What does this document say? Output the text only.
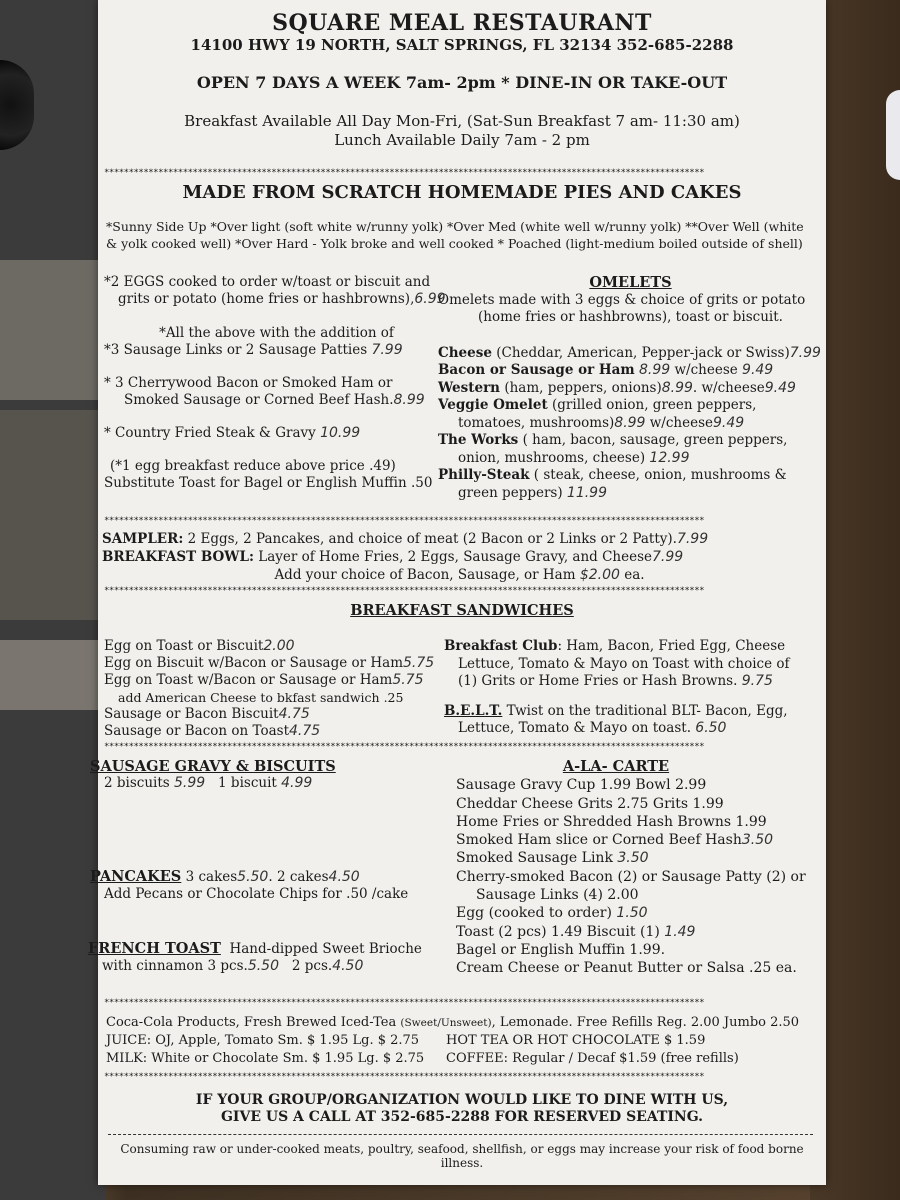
SQUARE MEAL RESTAURANT
14100 HWY 19 NORTH, SALT SPRINGS, FL 32134 352-685-2288
OPEN 7 DAYS A WEEK 7am- 2pm * DINE-IN OR TAKE-OUT
Breakfast Available All Day Mon-Fri, (Sat-Sun Breakfast 7 am- 11:30 am)
Lunch Available Daily 7am - 2 pm
**************************************************************************************************************************
MADE FROM SCRATCH HOMEMADE PIES AND CAKES
*Sunny Side Up *Over light (soft white w/runny yolk) *Over Med (white well w/runny yolk) **Over Well (white & yolk cooked well) *Over Hard - Yolk broke and well cooked * Poached (light-medium boiled outside of shell)
*2 EGGS cooked to order w/toast or biscuit and
grits or potato (home fries or hashbrowns),6.99
*All the above with the addition of
*3 Sausage Links or 2 Sausage Patties 7.99
* 3 Cherrywood Bacon or Smoked Ham or
Smoked Sausage or Corned Beef Hash.8.99
* Country Fried Steak & Gravy 10.99
(*1 egg breakfast reduce above price .49)
Substitute Toast for Bagel or English Muffin .50
OMELETS
Omelets made with 3 eggs & choice of grits or potato
(home fries or hashbrowns), toast or biscuit.
Cheese (Cheddar, American, Pepper-jack or Swiss)7.99
Bacon or Sausage or Ham 8.99 w/cheese 9.49
Western (ham, peppers, onions)8.99. w/cheese9.49
Veggie Omelet (grilled onion, green peppers,
tomatoes, mushrooms)8.99 w/cheese9.49
The Works ( ham, bacon, sausage, green peppers,
onion, mushrooms, cheese) 12.99
Philly-Steak ( steak, cheese, onion, mushrooms &
green peppers) 11.99
**************************************************************************************************************************
SAMPLER: 2 Eggs, 2 Pancakes, and choice of meat (2 Bacon or 2 Links or 2 Patty).7.99
BREAKFAST BOWL: Layer of Home Fries, 2 Eggs, Sausage Gravy, and Cheese7.99
Add your choice of Bacon, Sausage, or Ham $2.00 ea.
**************************************************************************************************************************
BREAKFAST SANDWICHES
Egg on Toast or Biscuit2.00
Egg on Biscuit w/Bacon or Sausage or Ham5.75
Egg on Toast w/Bacon or Sausage or Ham5.75
add American Cheese to bkfast sandwich .25
Sausage or Bacon Biscuit4.75
Sausage or Bacon on Toast4.75
Breakfast Club: Ham, Bacon, Fried Egg, Cheese
Lettuce, Tomato & Mayo on Toast with choice of
(1) Grits or Home Fries or Hash Browns. 9.75
B.E.L.T. Twist on the traditional BLT- Bacon, Egg,
Lettuce, Tomato & Mayo on toast. 6.50
**************************************************************************************************************************
SAUSAGE GRAVY & BISCUITS
2 biscuits 5.99 1 biscuit 4.99
PANCAKES 3 cakes5.50. 2 cakes4.50
Add Pecans or Chocolate Chips for .50 /cake
FRENCH TOAST Hand-dipped Sweet Brioche
with cinnamon 3 pcs.5.50 2 pcs.4.50
A-LA- CARTE
Sausage Gravy Cup 1.99 Bowl 2.99
Cheddar Cheese Grits 2.75 Grits 1.99
Home Fries or Shredded Hash Browns 1.99
Smoked Ham slice or Corned Beef Hash3.50
Smoked Sausage Link 3.50
Cherry-smoked Bacon (2) or Sausage Patty (2) or
Sausage Links (4) 2.00
Egg (cooked to order) 1.50
Toast (2 pcs) 1.49 Biscuit (1) 1.49
Bagel or English Muffin 1.99.
Cream Cheese or Peanut Butter or Salsa .25 ea.
**************************************************************************************************************************
Coca-Cola Products, Fresh Brewed Iced-Tea (Sweet/Unsweet), Lemonade. Free Refills Reg. 2.00 Jumbo 2.50
JUICE: OJ, Apple, Tomato Sm. $ 1.95 Lg. $ 2.75	HOT TEA OR HOT CHOCOLATE $ 1.59
MILK: White or Chocolate Sm. $ 1.95 Lg. $ 2.75	COFFEE: Regular / Decaf $1.59 (free refills)
**************************************************************************************************************************
IF YOUR GROUP/ORGANIZATION WOULD LIKE TO DINE WITH US,
GIVE US A CALL AT 352-685-2288 FOR RESERVED SEATING.
Consuming raw or under-cooked meats, poultry, seafood, shellfish, or eggs may increase your risk of food borne illness.
